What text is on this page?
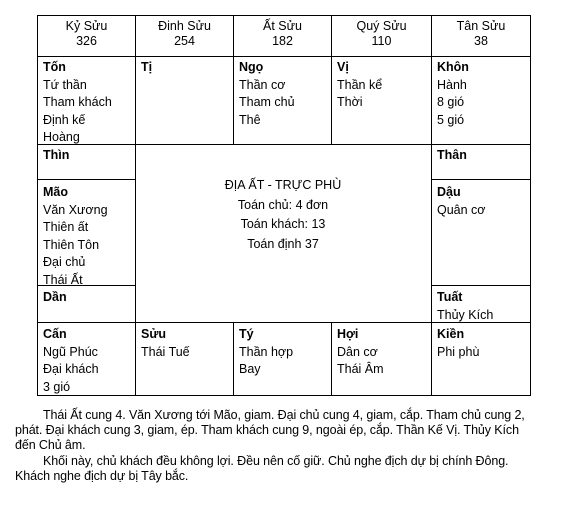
Kỷ Sửu
326
Đinh Sửu
254
Ất Sửu
182
Quý Sửu
110
Tân Sửu
38
Tốn
Tứ thần
Tham khách
Định kế
Hoàng
Tị	Ngọ
Thần cơ
Tham chủ
Thê
Vị
Thần kể
Thời
Khôn
Hành
8 gió
5 gió
Thìn
Mão
Văn Xương
Thiên ất
Thiên Tôn
Đại chủ
Thái Ất
Dần
Thân
Dậu
Quân cơ
Tuất
Thủy Kích
ĐỊA ẤT - TRỰC PHÙ
Toán chủ: 4 đơn
Toán khách: 13
Toán định 37
Cấn
Ngũ Phúc
Đại khách
3 gió
Sửu
Thái Tuế
Tý
Thần hợp
Bay
Hợi
Dân cơ
Thái Âm
Kiền
Phi phù
Thái Ất cung 4. Văn Xương tới Mão, giam. Đại chủ cung 4, giam, cắp. Tham chủ cung 2, phát. Đại khách cung 3, giam, ép. Tham khách cung 9, ngoài ép, cắp. Thần Kế Vị. Thủy Kích đến Chủ âm.
Khối này, chủ khách đều không lợi. Đều nên cố giữ. Chủ nghe địch dự bị chính Đông. Khách nghe địch dự bị Tây bắc.
